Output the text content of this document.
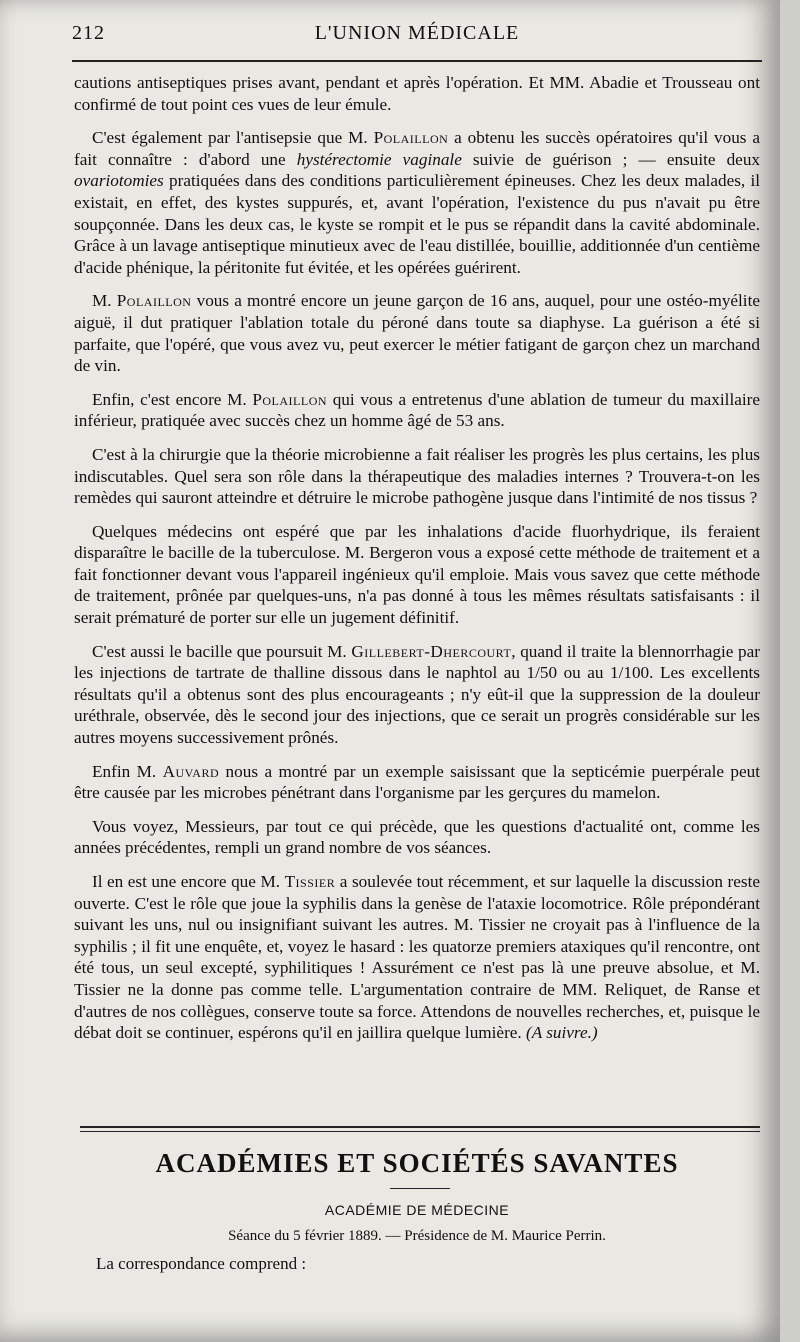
212	L'UNION MÉDICALE

cautions antiseptiques prises avant, pendant et après l'opération. Et MM. Abadie et Trousseau ont confirmé de tout point ces vues de leur émule.

C'est également par l'antisepsie que M. Polaillon a obtenu les succès opératoires qu'il vous a fait connaître : d'abord une hystérectomie vaginale suivie de guérison ; — ensuite deux ovariotomies pratiquées dans des conditions particulièrement épineuses. Chez les deux malades, il existait, en effet, des kystes suppurés, et, avant l'opération, l'existence du pus n'avait pu être soupçonnée. Dans les deux cas, le kyste se rompit et le pus se répandit dans la cavité abdominale. Grâce à un lavage antiseptique minutieux avec de l'eau distillée, bouillie, additionnée d'un centième d'acide phénique, la péritonite fut évitée, et les opérées guérirent.

M. Polaillon vous a montré encore un jeune garçon de 16 ans, auquel, pour une ostéo-myélite aiguë, il dut pratiquer l'ablation totale du péroné dans toute sa diaphyse. La guérison a été si parfaite, que l'opéré, que vous avez vu, peut exercer le métier fatigant de garçon chez un marchand de vin.

Enfin, c'est encore M. Polaillon qui vous a entretenus d'une ablation de tumeur du maxillaire inférieur, pratiquée avec succès chez un homme âgé de 53 ans.

C'est à la chirurgie que la théorie microbienne a fait réaliser les progrès les plus certains, les plus indiscutables. Quel sera son rôle dans la thérapeutique des maladies internes ? Trouvera-t-on les remèdes qui sauront atteindre et détruire le microbe pathogène jusque dans l'intimité de nos tissus ?

Quelques médecins ont espéré que par les inhalations d'acide fluorhydrique, ils feraient disparaître le bacille de la tuberculose. M. Bergeron vous a exposé cette méthode de traitement et a fait fonctionner devant vous l'appareil ingénieux qu'il emploie. Mais vous savez que cette méthode de traitement, prônée par quelques-uns, n'a pas donné à tous les mêmes résultats satisfaisants : il serait prématuré de porter sur elle un jugement définitif.

C'est aussi le bacille que poursuit M. Gillebert-Dhercourt, quand il traite la blennorrhagie par les injections de tartrate de thalline dissous dans le naphtol au 1/50 ou au 1/100. Les excellents résultats qu'il a obtenus sont des plus encourageants ; n'y eût-il que la suppression de la douleur uréthrale, observée, dès le second jour des injections, que ce serait un progrès considérable sur les autres moyens successivement prônés.

Enfin M. Auvard nous a montré par un exemple saisissant que la septicémie puerpérale peut être causée par les microbes pénétrant dans l'organisme par les gerçures du mamelon.

Vous voyez, Messieurs, par tout ce qui précède, que les questions d'actualité ont, comme les années précédentes, rempli un grand nombre de vos séances.

Il en est une encore que M. Tissier a soulevée tout récemment, et sur laquelle la discussion reste ouverte. C'est le rôle que joue la syphilis dans la genèse de l'ataxie locomotrice. Rôle prépondérant suivant les uns, nul ou insignifiant suivant les autres. M. Tissier ne croyait pas à l'influence de la syphilis ; il fit une enquête, et, voyez le hasard : les quatorze premiers ataxiques qu'il rencontre, ont été tous, un seul excepté, syphilitiques ! Assurément ce n'est pas là une preuve absolue, et M. Tissier ne la donne pas comme telle. L'argumentation contraire de MM. Reliquet, de Ranse et d'autres de nos collègues, conserve toute sa force. Attendons de nouvelles recherches, et, puisque le débat doit se continuer, espérons qu'il en jaillira quelque lumière. (A suivre.)

ACADÉMIES ET SOCIÉTÉS SAVANTES
ACADÉMIE DE MÉDECINE
Séance du 5 février 1889. — Présidence de M. Maurice Perrin.
La correspondance comprend :
